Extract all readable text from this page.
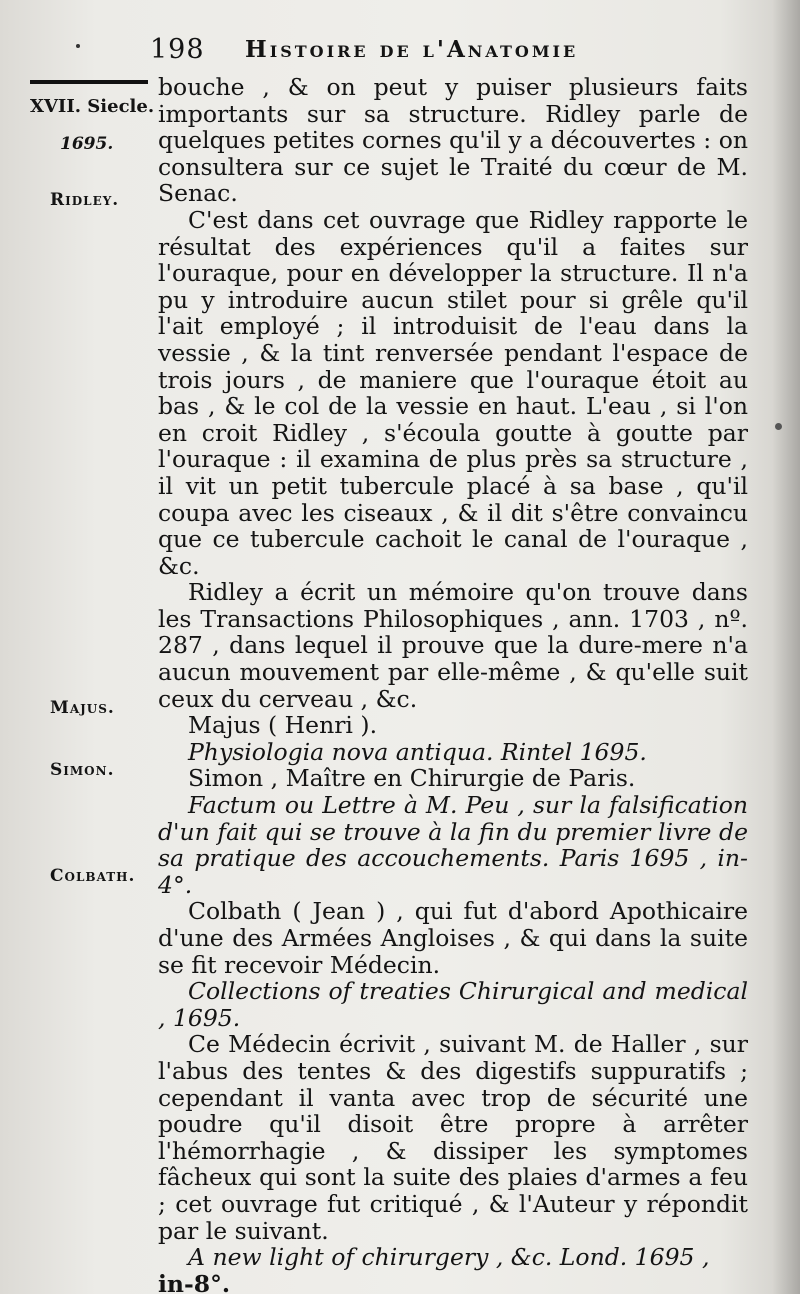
198 Histoire de l'Anatomie
XVII. Siecle.
1695.
Ridley.
Majus.
Simon.
Colbath.

bouche , & on peut y puiser plusieurs faits importants sur sa structure. Ridley parle de quelques petites cornes qu'il y a découvertes : on consultera sur ce sujet le Traité du cœur de M. Senac.

C'est dans cet ouvrage que Ridley rapporte le résultat des expériences qu'il a faites sur l'ouraque, pour en développer la structure. Il n'a pu y introduire aucun stilet pour si grêle qu'il l'ait employé ; il introduisit de l'eau dans la vessie , & la tint renversée pendant l'espace de trois jours , de maniere que l'ouraque étoit au bas , & le col de la vessie en haut. L'eau , si l'on en croit Ridley , s'écoula goutte à goutte par l'ouraque : il examina de plus près sa structure , il vit un petit tubercule placé à sa base , qu'il coupa avec les ciseaux , & il dit s'être convaincu que ce tubercule cachoit le canal de l'ouraque , &c.

Ridley a écrit un mémoire qu'on trouve dans les Transactions Philosophiques , ann. 1703 , nº. 287 , dans lequel il prouve que la dure-mere n'a aucun mouvement par elle-même , & qu'elle suit ceux du cerveau , &c.

Majus ( Henri ).

Physiologia nova antiqua. Rintel 1695.

Simon , Maître en Chirurgie de Paris.

Factum ou Lettre à M. Peu , sur la falsification d'un fait qui se trouve à la fin du premier livre de sa pratique des accouchements. Paris 1695 , in-4°.

Colbath ( Jean ) , qui fut d'abord Apothicaire d'une des Armées Angloises , & qui dans la suite se fit recevoir Médecin.

Collections of treaties Chirurgical and medical , 1695.

Ce Médecin écrivit , suivant M. de Haller , sur l'abus des tentes & des digestifs suppuratifs ; cependant il vanta avec trop de sécurité une poudre qu'il disoit être propre à arrêter l'hémorrhagie , & dissiper les symptomes fâcheux qui sont la suite des plaies d'armes a feu ; cet ouvrage fut critiqué , & l'Auteur y répondit par le suivant.

A new light of chirurgery , &c. Lond. 1695 ,

in-8°.
